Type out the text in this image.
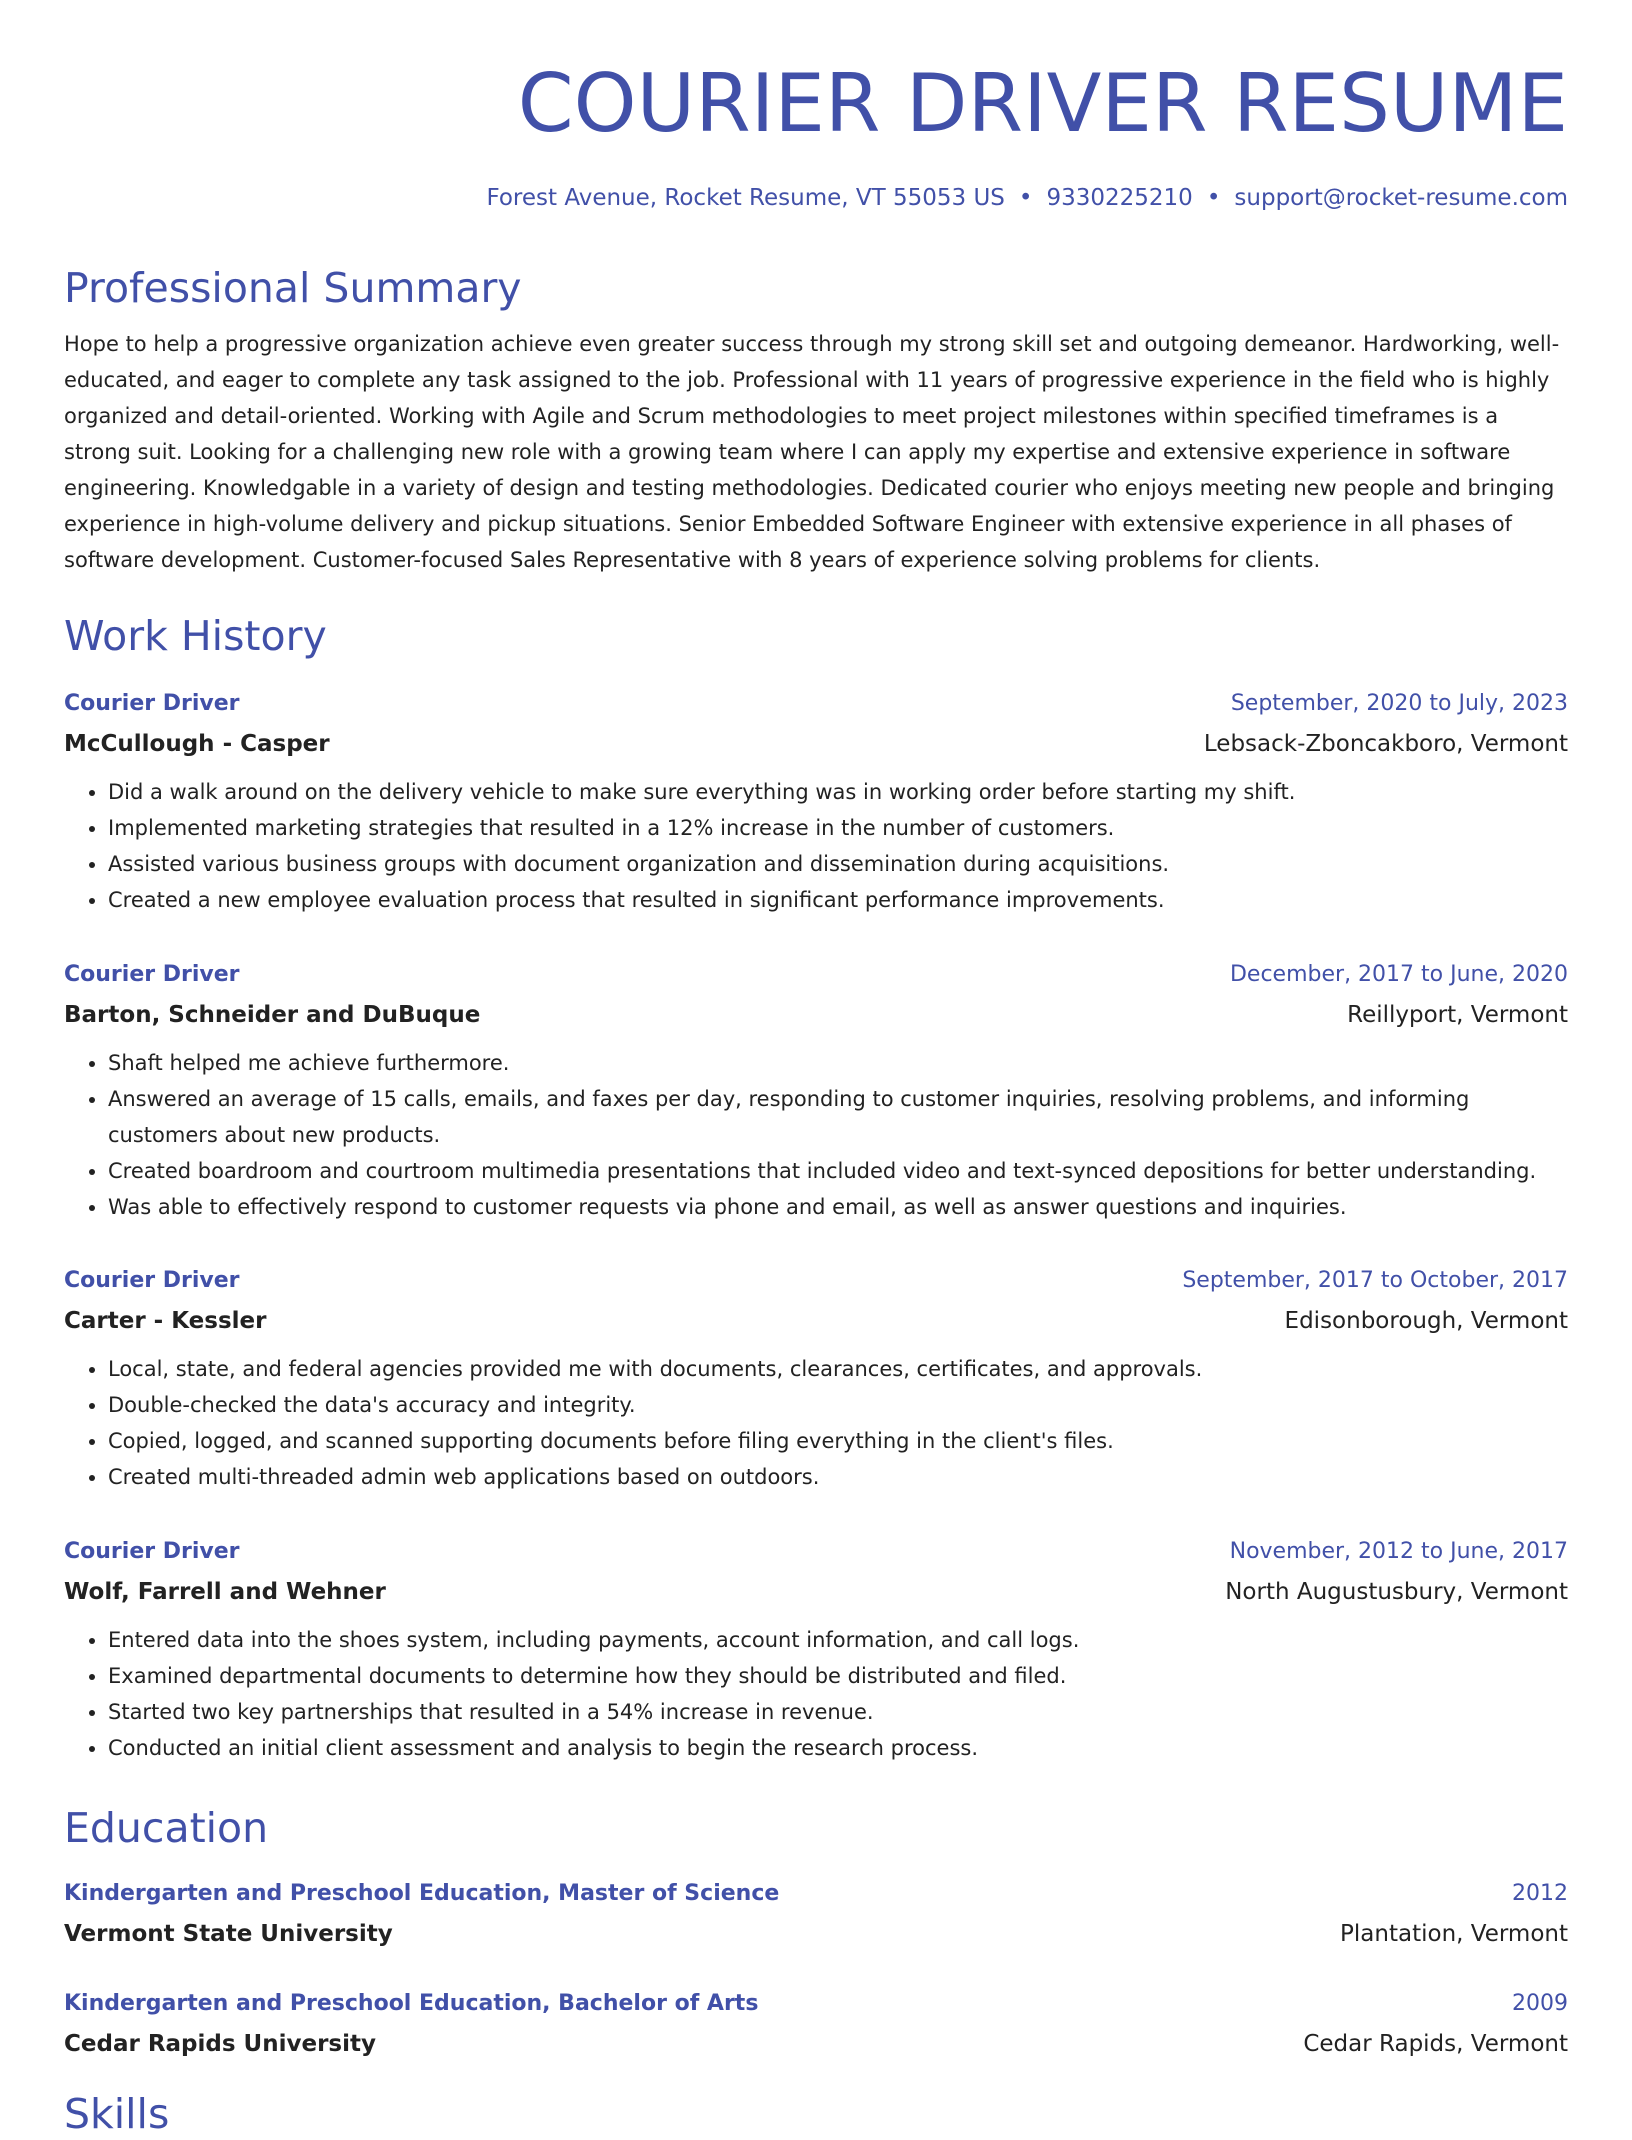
COURIER DRIVER RESUME
Forest Avenue, Rocket Resume, VT 55053 US • 9330225210 • support@rocket-resume.com
Professional Summary
Hope to help a progressive organization achieve even greater success through my strong skill set and outgoing demeanor. Hardworking, well-educated, and eager to complete any task assigned to the job. Professional with 11 years of progressive experience in the field who is highly organized and detail-oriented. Working with Agile and Scrum methodologies to meet project milestones within specified timeframes is a strong suit. Looking for a challenging new role with a growing team where I can apply my expertise and extensive experience in software engineering. Knowledgable in a variety of design and testing methodologies. Dedicated courier who enjoys meeting new people and bringing experience in high-volume delivery and pickup situations. Senior Embedded Software Engineer with extensive experience in all phases of software development. Customer-focused Sales Representative with 8 years of experience solving problems for clients.
Work History
Courier Driver	September, 2020 to July, 2023
McCullough - Casper	Lebsack-Zboncakboro, Vermont
• Did a walk around on the delivery vehicle to make sure everything was in working order before starting my shift.
• Implemented marketing strategies that resulted in a 12% increase in the number of customers.
• Assisted various business groups with document organization and dissemination during acquisitions.
• Created a new employee evaluation process that resulted in significant performance improvements.
Courier Driver	December, 2017 to June, 2020
Barton, Schneider and DuBuque	Reillyport, Vermont
• Shaft helped me achieve furthermore.
• Answered an average of 15 calls, emails, and faxes per day, responding to customer inquiries, resolving problems, and informing customers about new products.
• Created boardroom and courtroom multimedia presentations that included video and text-synced depositions for better understanding.
• Was able to effectively respond to customer requests via phone and email, as well as answer questions and inquiries.
Courier Driver	September, 2017 to October, 2017
Carter - Kessler	Edisonborough, Vermont
• Local, state, and federal agencies provided me with documents, clearances, certificates, and approvals.
• Double-checked the data's accuracy and integrity.
• Copied, logged, and scanned supporting documents before filing everything in the client's files.
• Created multi-threaded admin web applications based on outdoors.
Courier Driver	November, 2012 to June, 2017
Wolf, Farrell and Wehner	North Augustusbury, Vermont
• Entered data into the shoes system, including payments, account information, and call logs.
• Examined departmental documents to determine how they should be distributed and filed.
• Started two key partnerships that resulted in a 54% increase in revenue.
• Conducted an initial client assessment and analysis to begin the research process.
Education
Kindergarten and Preschool Education, Master of Science	2012
Vermont State University	Plantation, Vermont
Kindergarten and Preschool Education, Bachelor of Arts	2009
Cedar Rapids University	Cedar Rapids, Vermont
Skills
